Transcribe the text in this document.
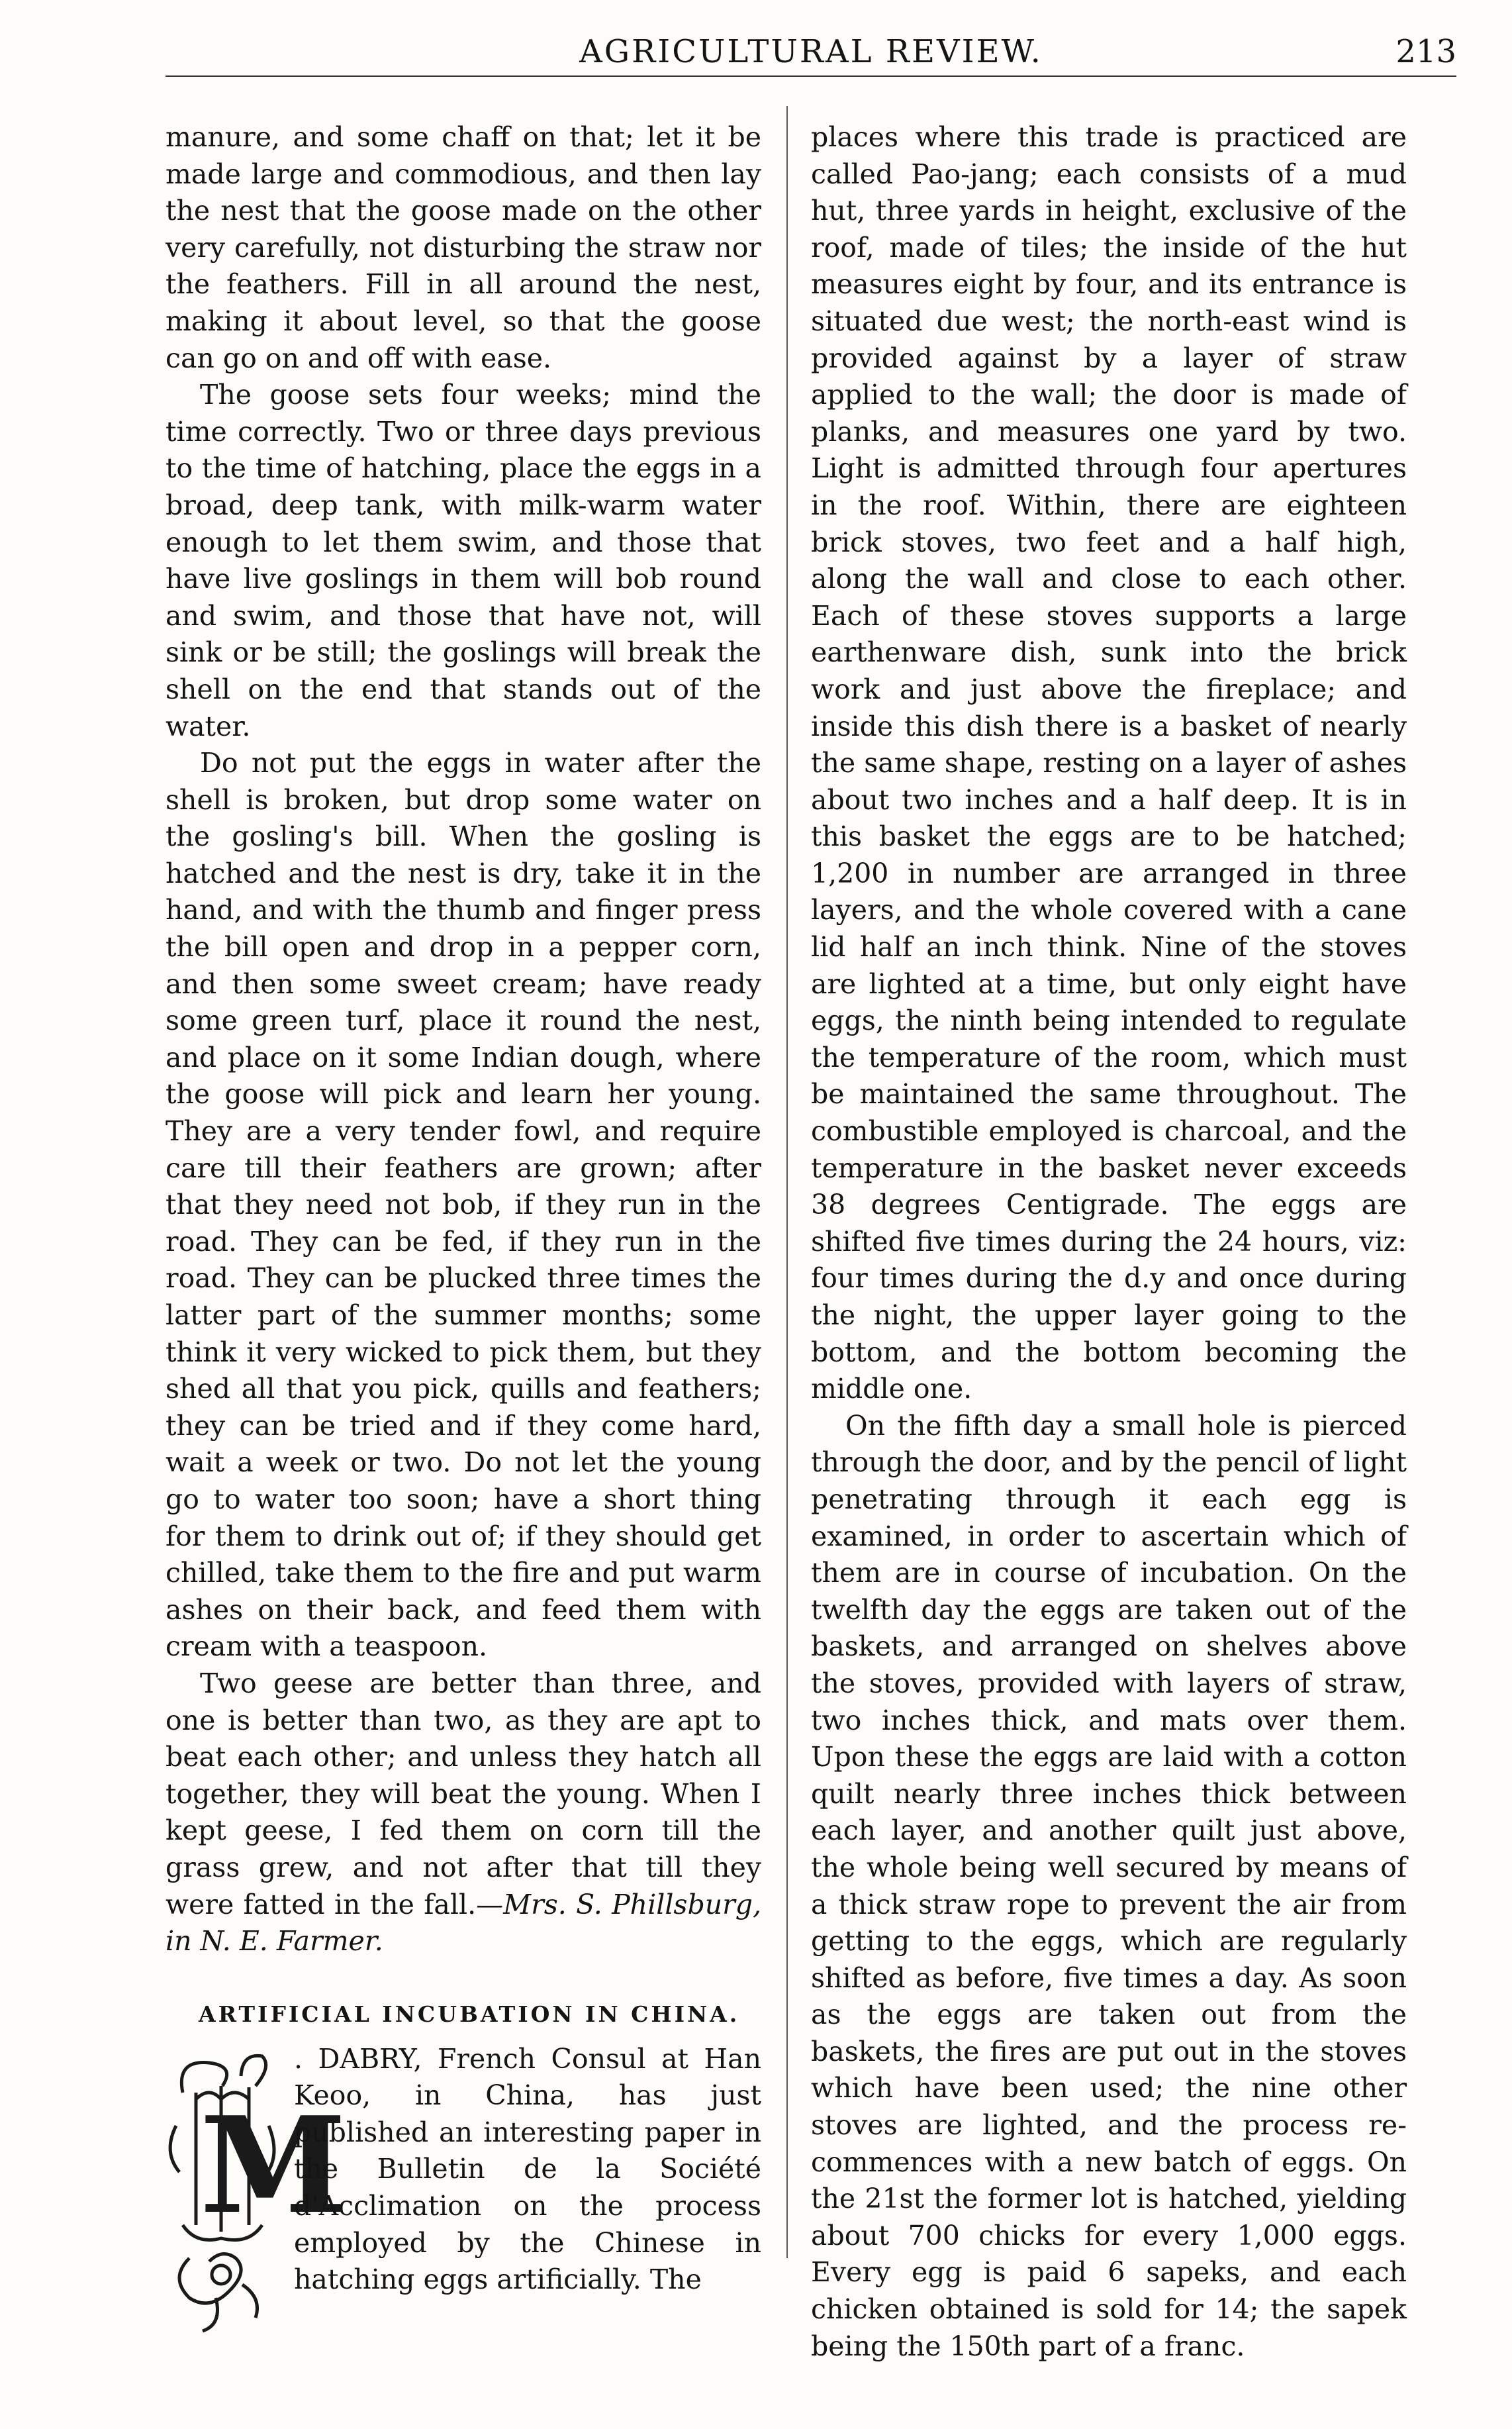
AGRICULTURAL REVIEW.	213

manure, and some chaff on that; let it be made large and commodious, and then lay the nest that the goose made on the other very carefully, not disturbing the straw nor the feathers. Fill in all around the nest, making it about level, so that the goose can go on and off with ease.

The goose sets four weeks; mind the time correctly. Two or three days previous to the time of hatching, place the eggs in a broad, deep tank, with milk-warm water enough to let them swim, and those that have live goslings in them will bob round and swim, and those that have not, will sink or be still; the goslings will break the shell on the end that stands out of the water.

Do not put the eggs in water after the shell is broken, but drop some water on the gosling's bill. When the gosling is hatched and the nest is dry, take it in the hand, and with the thumb and finger press the bill open and drop in a pepper corn, and then some sweet cream; have ready some green turf, place it round the nest, and place on it some Indian dough, where the goose will pick and learn her young. They are a very tender fowl, and require care till their feathers are grown; after that they need not bob, if they run in the road. They can be fed, if they run in the road. They can be plucked three times the latter part of the summer months; some think it very wicked to pick them, but they shed all that you pick, quills and feathers; they can be tried and if they come hard, wait a week or two. Do not let the young go to water too soon; have a short thing for them to drink out of; if they should get chilled, take them to the fire and put warm ashes on their back, and feed them with cream with a teaspoon.

Two geese are better than three, and one is better than two, as they are apt to beat each other; and unless they hatch all together, they will beat the young. When I kept geese, I fed them on corn till the grass grew, and not after that till they were fatted in the fall.—Mrs. S. Phillsburg, in N. E. Farmer.

ARTIFICIAL INCUBATION IN CHINA.
M

. DABRY, French Consul at Han Keoo, in China, has just published an interesting paper in the Bulletin de la Société d'Acclimation on the process employed by the Chinese in hatching eggs artificially. The

places where this trade is practiced are called Pao-jang; each consists of a mud hut, three yards in height, exclusive of the roof, made of tiles; the inside of the hut measures eight by four, and its entrance is situated due west; the north-east wind is provided against by a layer of straw applied to the wall; the door is made of planks, and measures one yard by two. Light is admitted through four apertures in the roof. Within, there are eighteen brick stoves, two feet and a half high, along the wall and close to each other. Each of these stoves supports a large earthenware dish, sunk into the brick work and just above the fireplace; and inside this dish there is a basket of nearly the same shape, resting on a layer of ashes about two inches and a half deep. It is in this basket the eggs are to be hatched; 1,200 in number are arranged in three layers, and the whole covered with a cane lid half an inch think. Nine of the stoves are lighted at a time, but only eight have eggs, the ninth being intended to regulate the temperature of the room, which must be maintained the same throughout. The combustible employed is charcoal, and the temperature in the basket never exceeds 38 degrees Centigrade. The eggs are shifted five times during the 24 hours, viz: four times during the d.y and once during the night, the upper layer going to the bottom, and the bottom becoming the middle one.

On the fifth day a small hole is pierced through the door, and by the pencil of light penetrating through it each egg is examined, in order to ascertain which of them are in course of incubation. On the twelfth day the eggs are taken out of the baskets, and arranged on shelves above the stoves, provided with layers of straw, two inches thick, and mats over them. Upon these the eggs are laid with a cotton quilt nearly three inches thick between each layer, and another quilt just above, the whole being well secured by means of a thick straw rope to prevent the air from getting to the eggs, which are regularly shifted as before, five times a day. As soon as the eggs are taken out from the baskets, the fires are put out in the stoves which have been used; the nine other stoves are lighted, and the process re-commences with a new batch of eggs. On the 21st the former lot is hatched, yielding about 700 chicks for every 1,000 eggs. Every egg is paid 6 sapeks, and each chicken obtained is sold for 14; the sapek being the 150th part of a franc.
